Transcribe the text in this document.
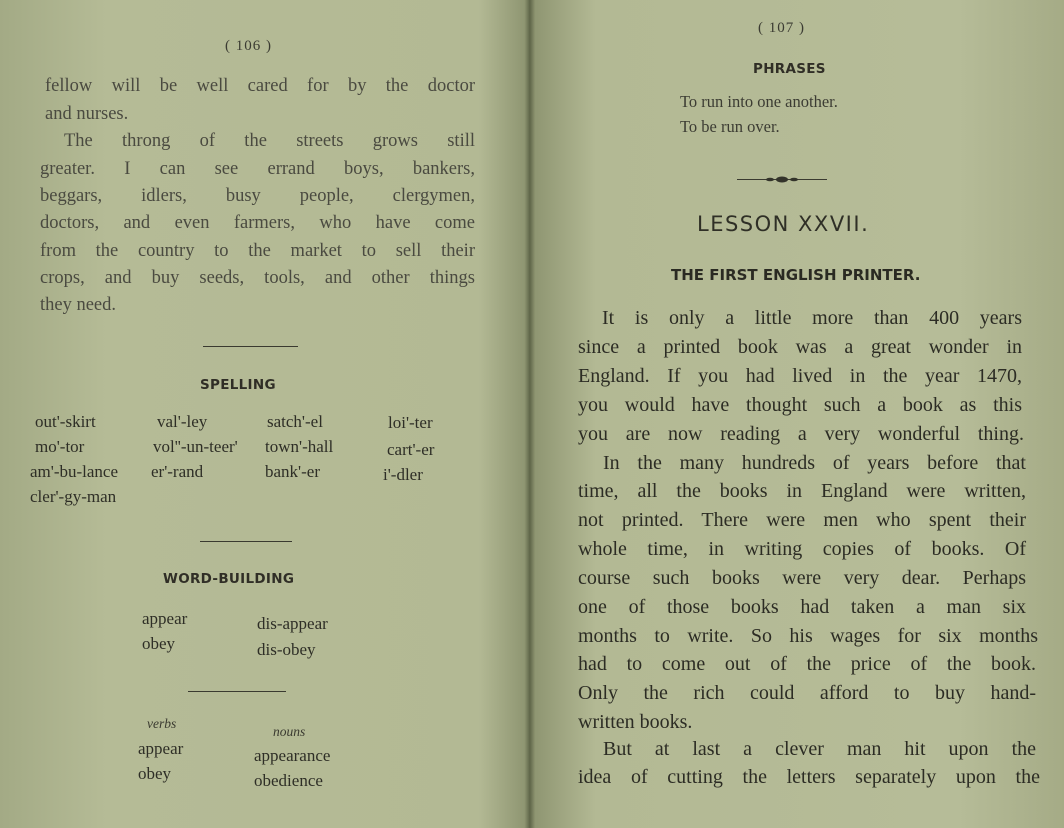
( 106 )
fellow will be well cared for by the doctor
and nurses.
The throng of the streets grows still
greater. I can see errand boys, bankers,
beggars, idlers, busy people, clergymen,
doctors, and even farmers, who have come
from the country to the market to sell their
crops, and buy seeds, tools, and other things
they need.
SPELLING
out'-skirt
mo'-tor
am'-bu-lance
cler'-gy-man
val'-ley
vol''-un-teer'
er'-rand
satch'-el
town'-hall
bank'-er
loi'-ter
cart'-er
i'-dler
WORD-BUILDING
appear
obey
dis-appear
dis-obey
verbs
nouns
appear
obey
appearance
obedience
( 107 )
PHRASES
To run into one another.
To be run over.
LESSON XXVII.
THE FIRST ENGLISH PRINTER.
It is only a little more than 400 years
since a printed book was a great wonder in
England. If you had lived in the year 1470,
you would have thought such a book as this
you are now reading a very wonderful thing.
In the many hundreds of years before that
time, all the books in England were written,
not printed. There were men who spent their
whole time, in writing copies of books. Of
course such books were very dear. Perhaps
one of those books had taken a man six
months to write. So his wages for six months
had to come out of the price of the book.
Only the rich could afford to buy hand-
written books.
But at last a clever man hit upon the
idea of cutting the letters separately upon the
